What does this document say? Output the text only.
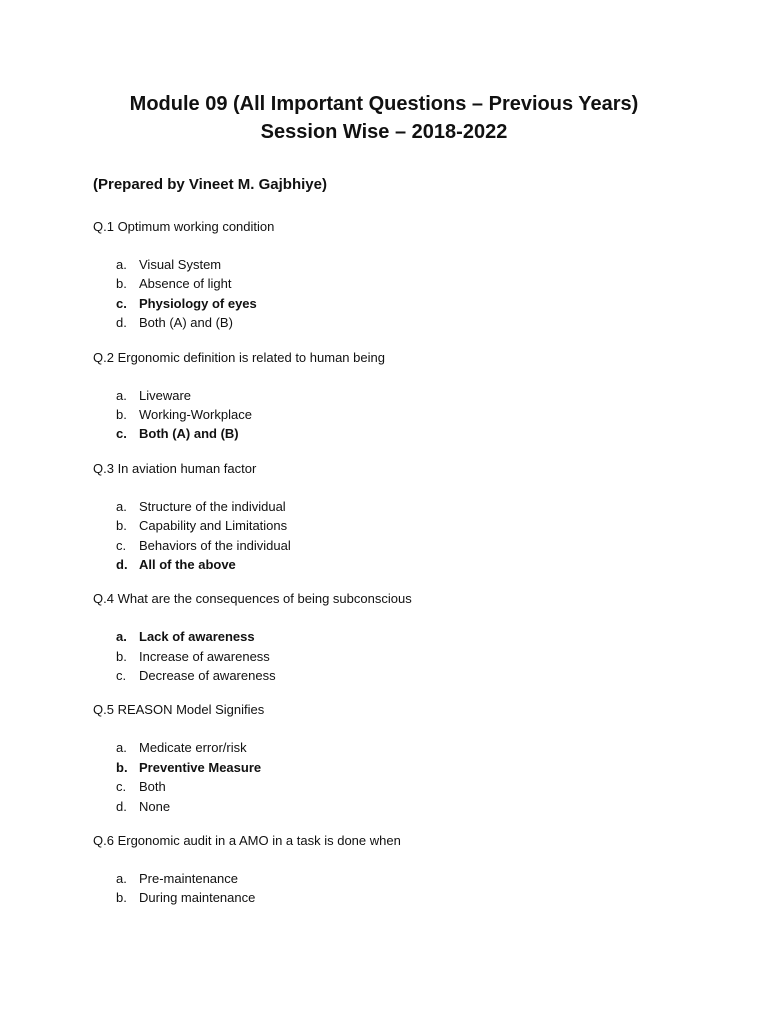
Module 09 (All Important Questions – Previous Years)

Session Wise – 2018-2022

(Prepared by Vineet M. Gajbhiye)
Q.1 Optimum working condition
a. Visual System
b. Absence of light
c. Physiology of eyes
d. Both (A) and (B)
Q.2 Ergonomic definition is related to human being
a. Liveware
b. Working-Workplace
c. Both (A) and (B)
Q.3 In aviation human factor
a. Structure of the individual
b. Capability and Limitations
c. Behaviors of the individual
d. All of the above
Q.4 What are the consequences of being subconscious
a. Lack of awareness
b. Increase of awareness
c. Decrease of awareness
Q.5 REASON Model Signifies
a. Medicate error/risk
b. Preventive Measure
c. Both
d. None
Q.6 Ergonomic audit in a AMO in a task is done when
a. Pre-maintenance
b. During maintenance
